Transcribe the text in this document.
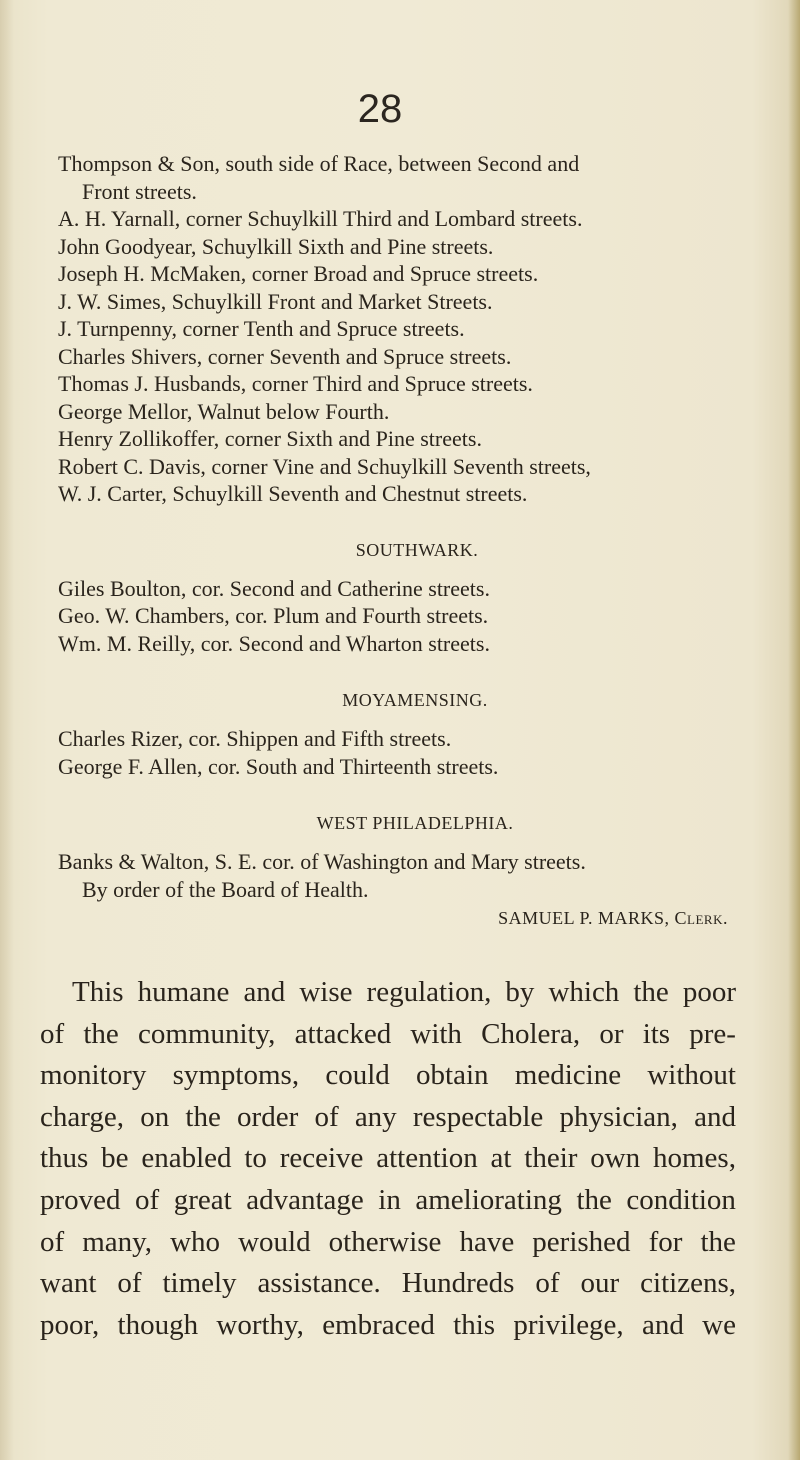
28
Thompson & Son, south side of Race, between Second and
Front streets.
A. H. Yarnall, corner Schuylkill Third and Lombard streets.
John Goodyear, Schuylkill Sixth and Pine streets.
Joseph H. McMaken, corner Broad and Spruce streets.
J. W. Simes, Schuylkill Front and Market Streets.
J. Turnpenny, corner Tenth and Spruce streets.
Charles Shivers, corner Seventh and Spruce streets.
Thomas J. Husbands, corner Third and Spruce streets.
George Mellor, Walnut below Fourth.
Henry Zollikoffer, corner Sixth and Pine streets.
Robert C. Davis, corner Vine and Schuylkill Seventh streets,
W. J. Carter, Schuylkill Seventh and Chestnut streets.
SOUTHWARK.
Giles Boulton, cor. Second and Catherine streets.
Geo. W. Chambers, cor. Plum and Fourth streets.
Wm. M. Reilly, cor. Second and Wharton streets.
MOYAMENSING.
Charles Rizer, cor. Shippen and Fifth streets.
George F. Allen, cor. South and Thirteenth streets.
WEST PHILADELPHIA.
Banks & Walton, S. E. cor. of Washington and Mary streets.
By order of the Board of Health.
SAMUEL P. MARKS, Clerk.
This humane and wise regulation, by which the poor
of the community, attacked with Cholera, or its pre-
monitory symptoms, could obtain medicine without
charge, on the order of any respectable physician, and
thus be enabled to receive attention at their own homes,
proved of great advantage in ameliorating the condition
of many, who would otherwise have perished for the
want of timely assistance. Hundreds of our citizens,
poor, though worthy, embraced this privilege, and we
